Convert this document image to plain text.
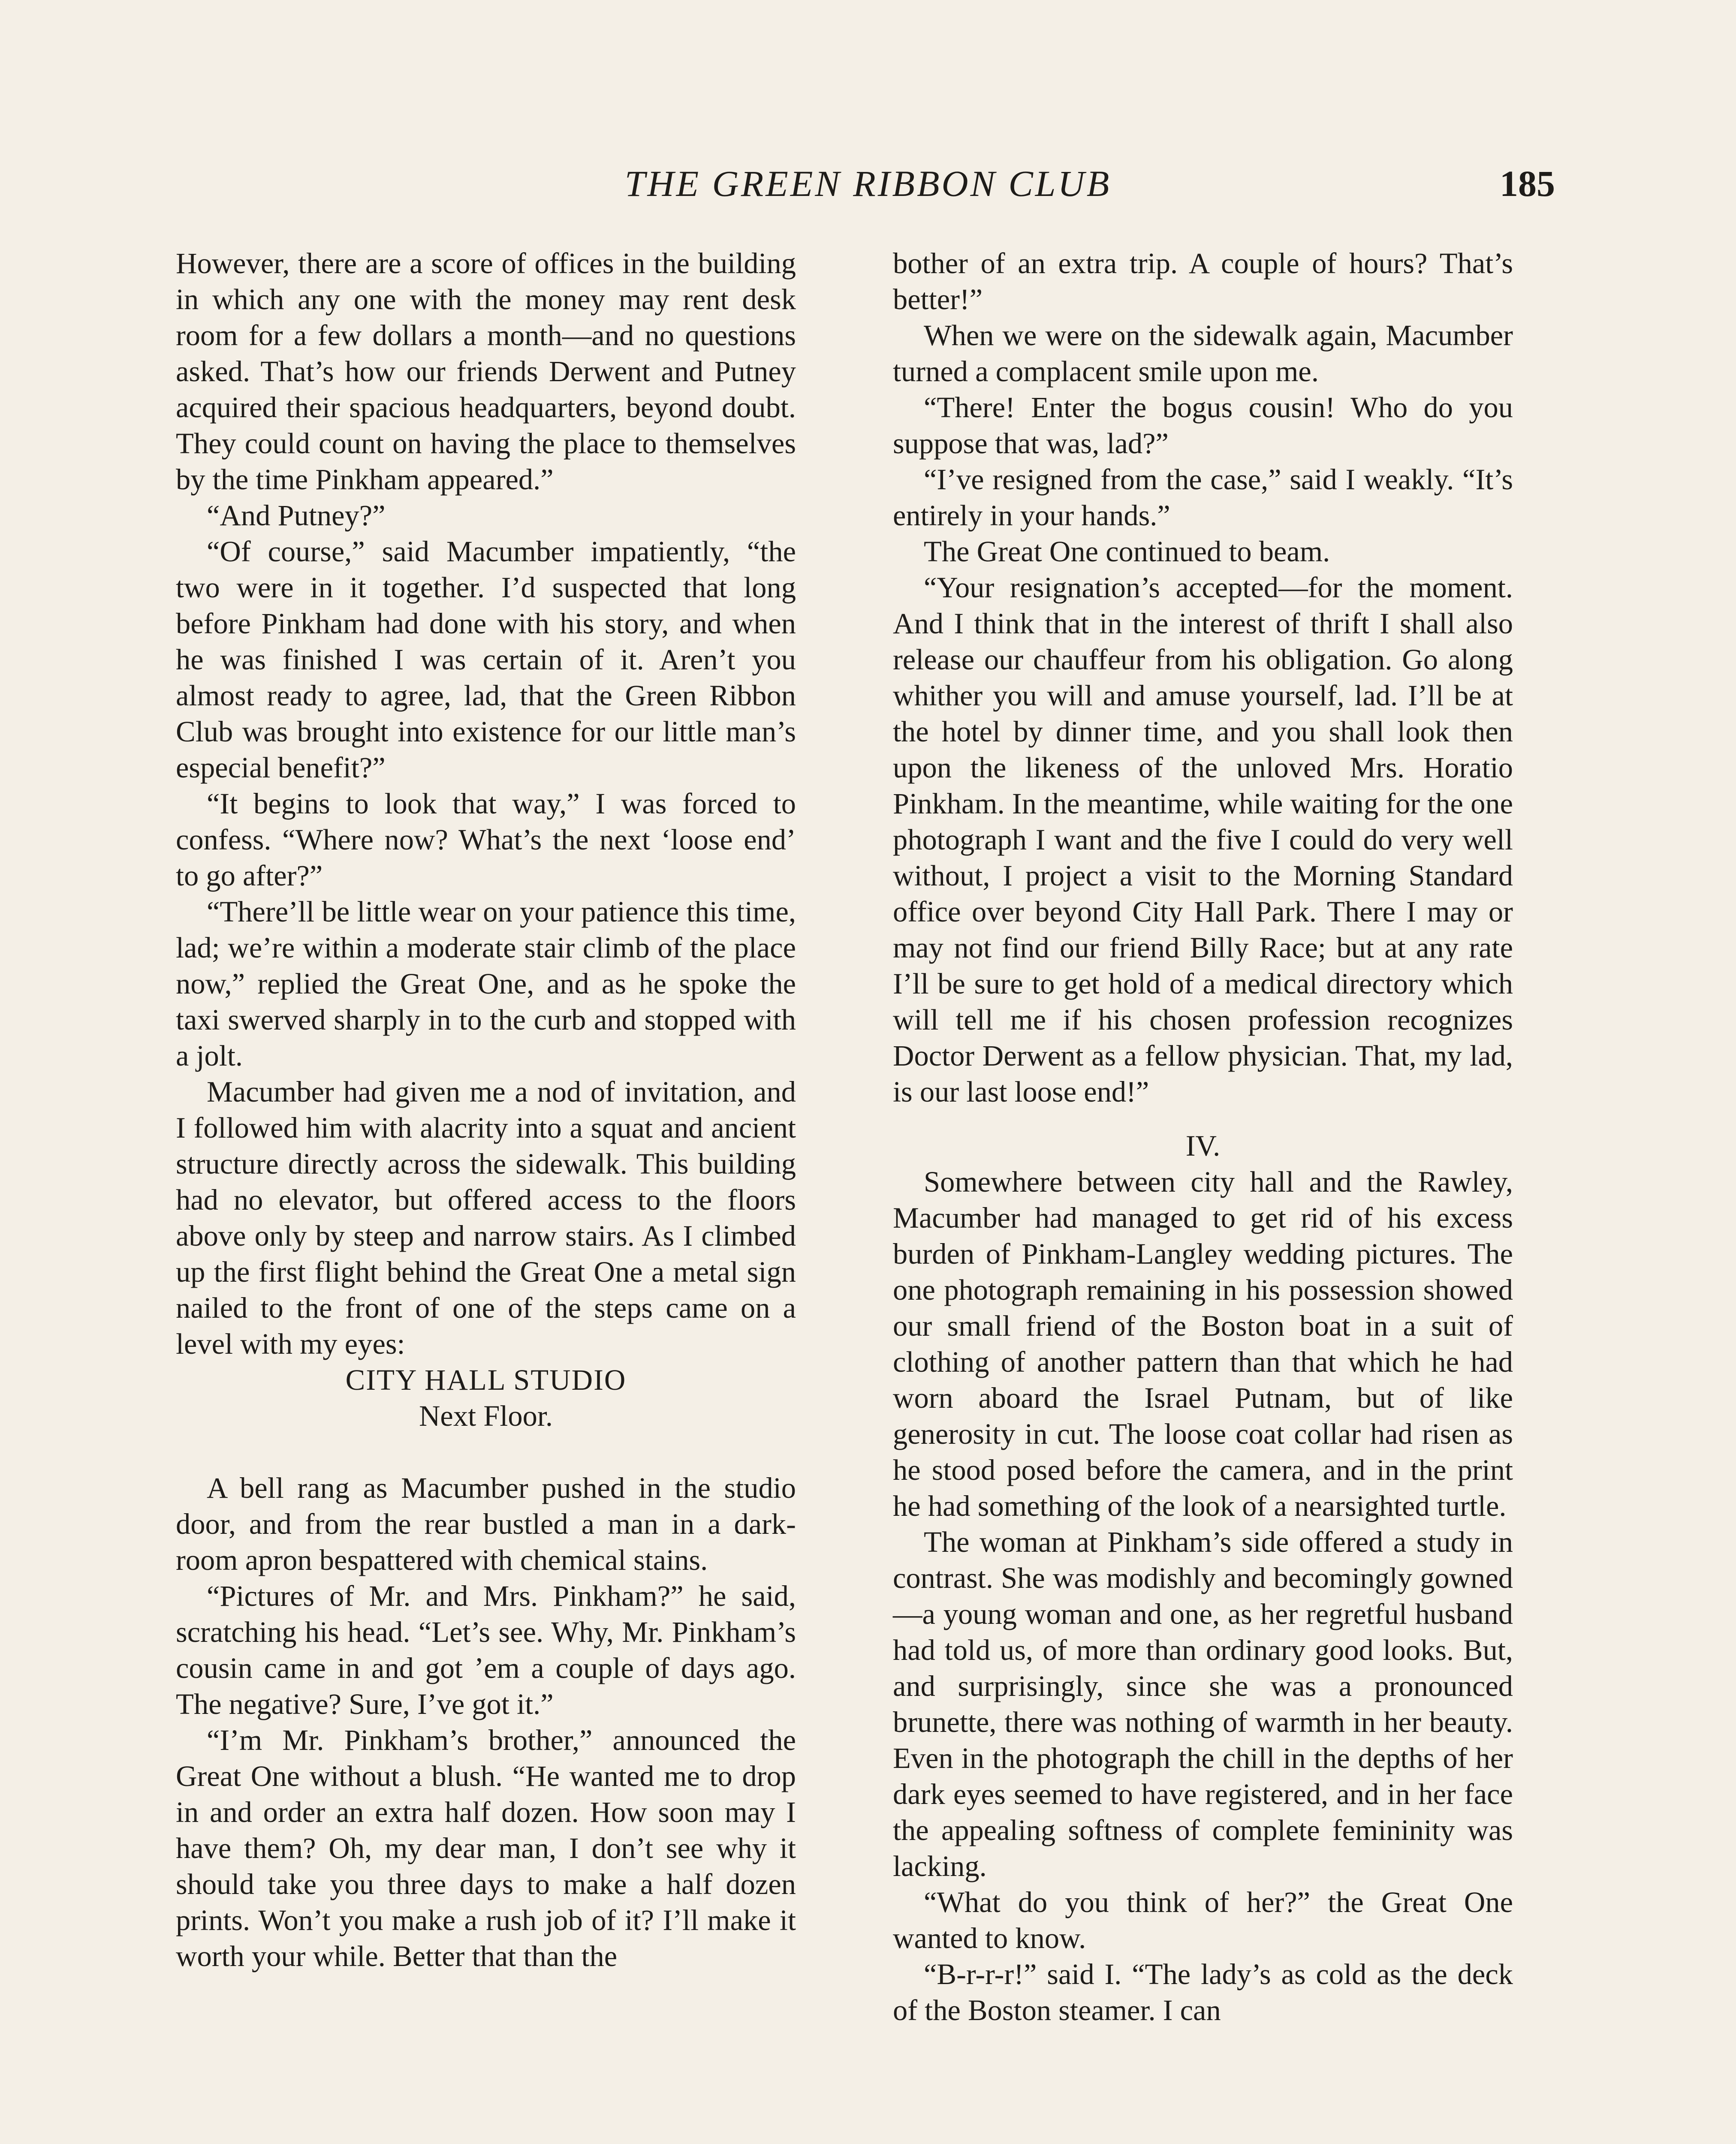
THE GREEN RIBBON CLUB	185

However, there are a score of offices in the building in which any one with the money may rent desk room for a few dollars a month—and no questions asked. That’s how our friends Derwent and Putney acquired their spacious headquarters, beyond doubt. They could count on having the place to themselves by the time Pinkham appeared.”

“And Putney?”

“Of course,” said Macumber impatiently, “the two were in it together. I’d suspected that long before Pinkham had done with his story, and when he was finished I was certain of it. Aren’t you almost ready to agree, lad, that the Green Ribbon Club was brought into existence for our little man’s especial benefit?”

“It begins to look that way,” I was forced to confess. “Where now? What’s the next ‘loose end’ to go after?”

“There’ll be little wear on your patience this time, lad; we’re within a moderate stair climb of the place now,” replied the Great One, and as he spoke the taxi swerved sharply in to the curb and stopped with a jolt.

Macumber had given me a nod of invitation, and I followed him with alacrity into a squat and ancient structure directly across the sidewalk. This building had no elevator, but offered access to the floors above only by steep and narrow stairs. As I climbed up the first flight behind the Great One a metal sign nailed to the front of one of the steps came on a level with my eyes:

CITY HALL STUDIO

Next Floor.

A bell rang as Macumber pushed in the studio door, and from the rear bustled a man in a dark-room apron bespattered with chemical stains.

“Pictures of Mr. and Mrs. Pinkham?” he said, scratching his head. “Let’s see. Why, Mr. Pinkham’s cousin came in and got ’em a couple of days ago. The negative? Sure, I’ve got it.”

“I’m Mr. Pinkham’s brother,” announced the Great One without a blush. “He wanted me to drop in and order an extra half dozen. How soon may I have them? Oh, my dear man, I don’t see why it should take you three days to make a half dozen prints. Won’t you make a rush job of it? I’ll make it worth your while. Better that than the

bother of an extra trip. A couple of hours? That’s better!”

When we were on the sidewalk again, Macumber turned a complacent smile upon me.

“There! Enter the bogus cousin! Who do you suppose that was, lad?”

“I’ve resigned from the case,” said I weakly. “It’s entirely in your hands.”

The Great One continued to beam.

“Your resignation’s accepted—for the moment. And I think that in the interest of thrift I shall also release our chauffeur from his obligation. Go along whither you will and amuse yourself, lad. I’ll be at the hotel by dinner time, and you shall look then upon the likeness of the unloved Mrs. Horatio Pinkham. In the meantime, while waiting for the one photograph I want and the five I could do very well without, I project a visit to the Morning Standard office over beyond City Hall Park. There I may or may not find our friend Billy Race; but at any rate I’ll be sure to get hold of a medical directory which will tell me if his chosen profession recognizes Doctor Derwent as a fellow physician. That, my lad, is our last loose end!”

IV.

Somewhere between city hall and the Rawley, Macumber had managed to get rid of his excess burden of Pinkham-Langley wedding pictures. The one photograph remaining in his possession showed our small friend of the Boston boat in a suit of clothing of another pattern than that which he had worn aboard the Israel Putnam, but of like generosity in cut. The loose coat collar had risen as he stood posed before the camera, and in the print he had something of the look of a nearsighted turtle.

The woman at Pinkham’s side offered a study in contrast. She was modishly and becomingly gowned—a young woman and one, as her regretful husband had told us, of more than ordinary good looks. But, and surprisingly, since she was a pronounced brunette, there was nothing of warmth in her beauty. Even in the photograph the chill in the depths of her dark eyes seemed to have registered, and in her face the appealing softness of complete femininity was lacking.

“What do you think of her?” the Great One wanted to know.

“B-r-r-r!” said I. “The lady’s as cold as the deck of the Boston steamer. I can
